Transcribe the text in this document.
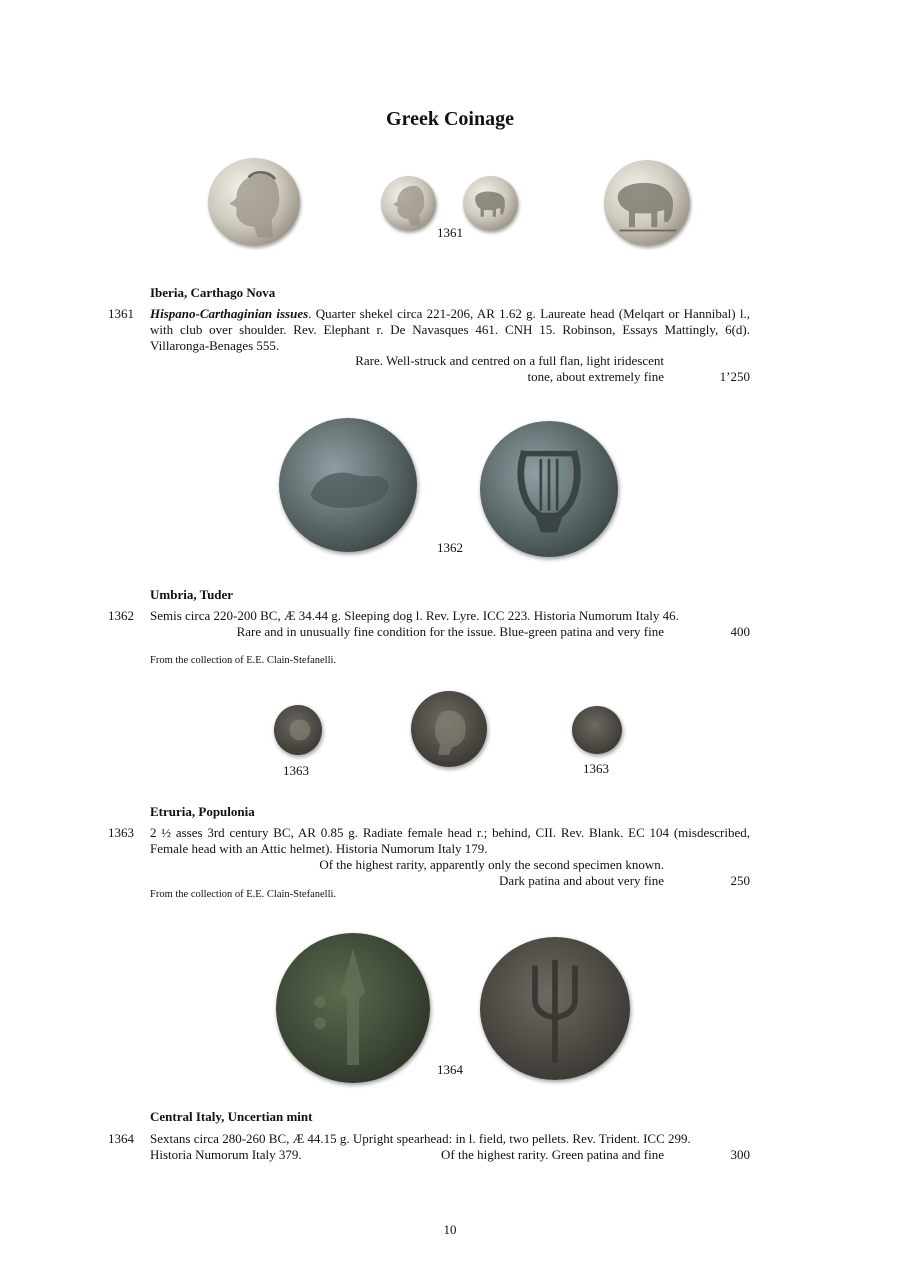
Greek Coinage
1361
Iberia, Carthago Nova
1361 Hispano-Carthaginian issues. Quarter shekel circa 221-206, AR 1.62 g. Laureate head (Melqart or Hannibal) l., with club over shoulder. Rev. Elephant r. De Navasques 461. CNH 15. Robinson, Essays Mattingly, 6(d). Villaronga-Benages 555.
Rare. Well-struck and centred on a full flan, light iridescent
tone, about extremely fine	1’250
1362
Umbria, Tuder
1362 Semis circa 220-200 BC, Æ 34.44 g. Sleeping dog l. Rev. Lyre. ICC 223. Historia Numorum Italy 46.
Rare and in unusually fine condition for the issue. Blue-green patina and very fine	400
From the collection of E.E. Clain-Stefanelli.
1363	1363
Etruria, Populonia
1363 2 ½ asses 3rd century BC, AR 0.85 g. Radiate female head r.; behind, CII. Rev. Blank. EC 104 (misdescribed, Female head with an Attic helmet). Historia Numorum Italy 179.
Of the highest rarity, apparently only the second specimen known.
Dark patina and about very fine	250
From the collection of E.E. Clain-Stefanelli.
1364
Central Italy, Uncertian mint
1364 Sextans circa 280-260 BC, Æ 44.15 g. Upright spearhead: in l. field, two pellets. Rev. Trident. ICC 299.
Historia Numorum Italy 379.	Of the highest rarity. Green patina and fine	300
10
